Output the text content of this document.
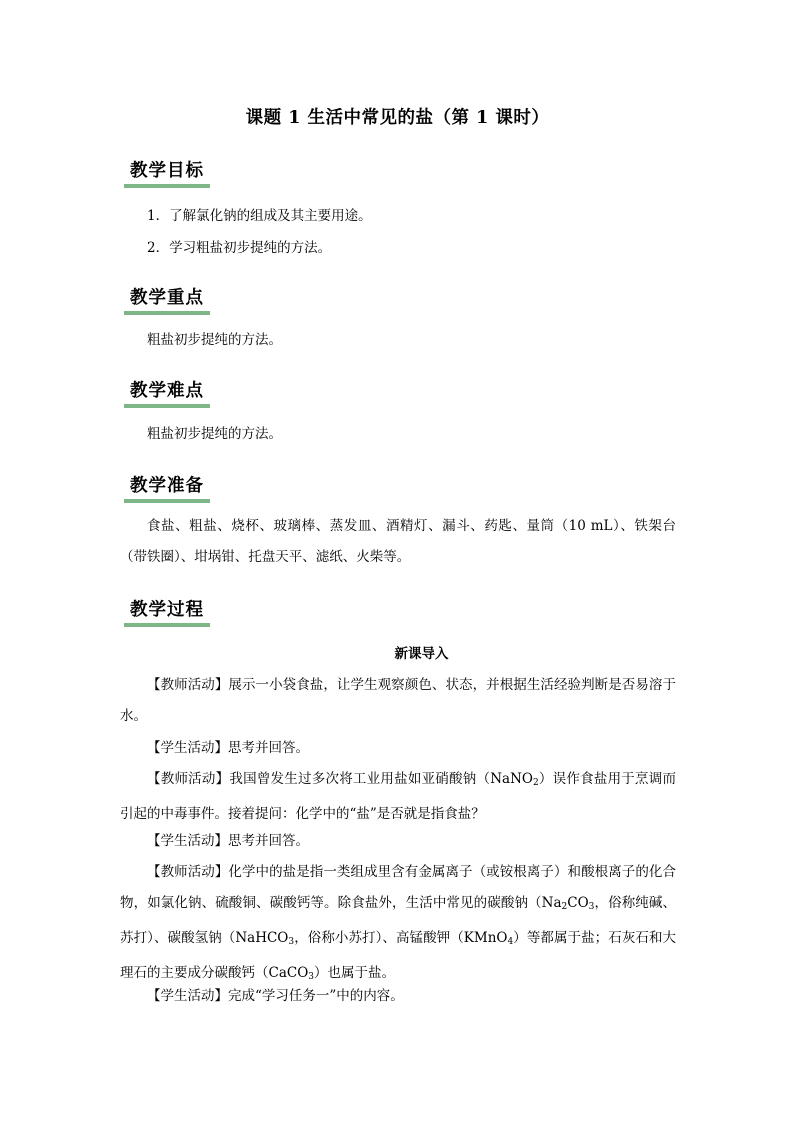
课题 1 生活中常见的盐（第 1 课时）
教学目标
1．了解氯化钠的组成及其主要用途。
2．学习粗盐初步提纯的方法。
教学重点
粗盐初步提纯的方法。
教学难点
粗盐初步提纯的方法。
教学准备
食盐、粗盐、烧杯、玻璃棒、蒸发皿、酒精灯、漏斗、药匙、量筒（10 mL）、铁架台（带铁圈）、坩埚钳、托盘天平、滤纸、火柴等。
教学过程
新课导入
【教师活动】展示一小袋食盐，让学生观察颜色、状态，并根据生活经验判断是否易溶于水。
【学生活动】思考并回答。
【教师活动】我国曾发生过多次将工业用盐如亚硝酸钠（NaNO$_2$）误作食盐用于烹调而引起的中毒事件。接着提问：化学中的“盐”是否就是指食盐？
【学生活动】思考并回答。
【教师活动】化学中的盐是指一类组成里含有金属离子（或铵根离子）和酸根离子的化合物，如氯化钠、硫酸铜、碳酸钙等。除食盐外，生活中常见的碳酸钠（$Na_2CO_3$，俗称纯碱、苏打）、碳酸氢钠（NaHCO$_3$，俗称小苏打）、高锰酸钾（KMnO$_4$）等都属于盐；石灰石和大理石的主要成分碳酸钙（CaCO$_3$）也属于盐。
【学生活动】完成“学习任务一”中的内容。
